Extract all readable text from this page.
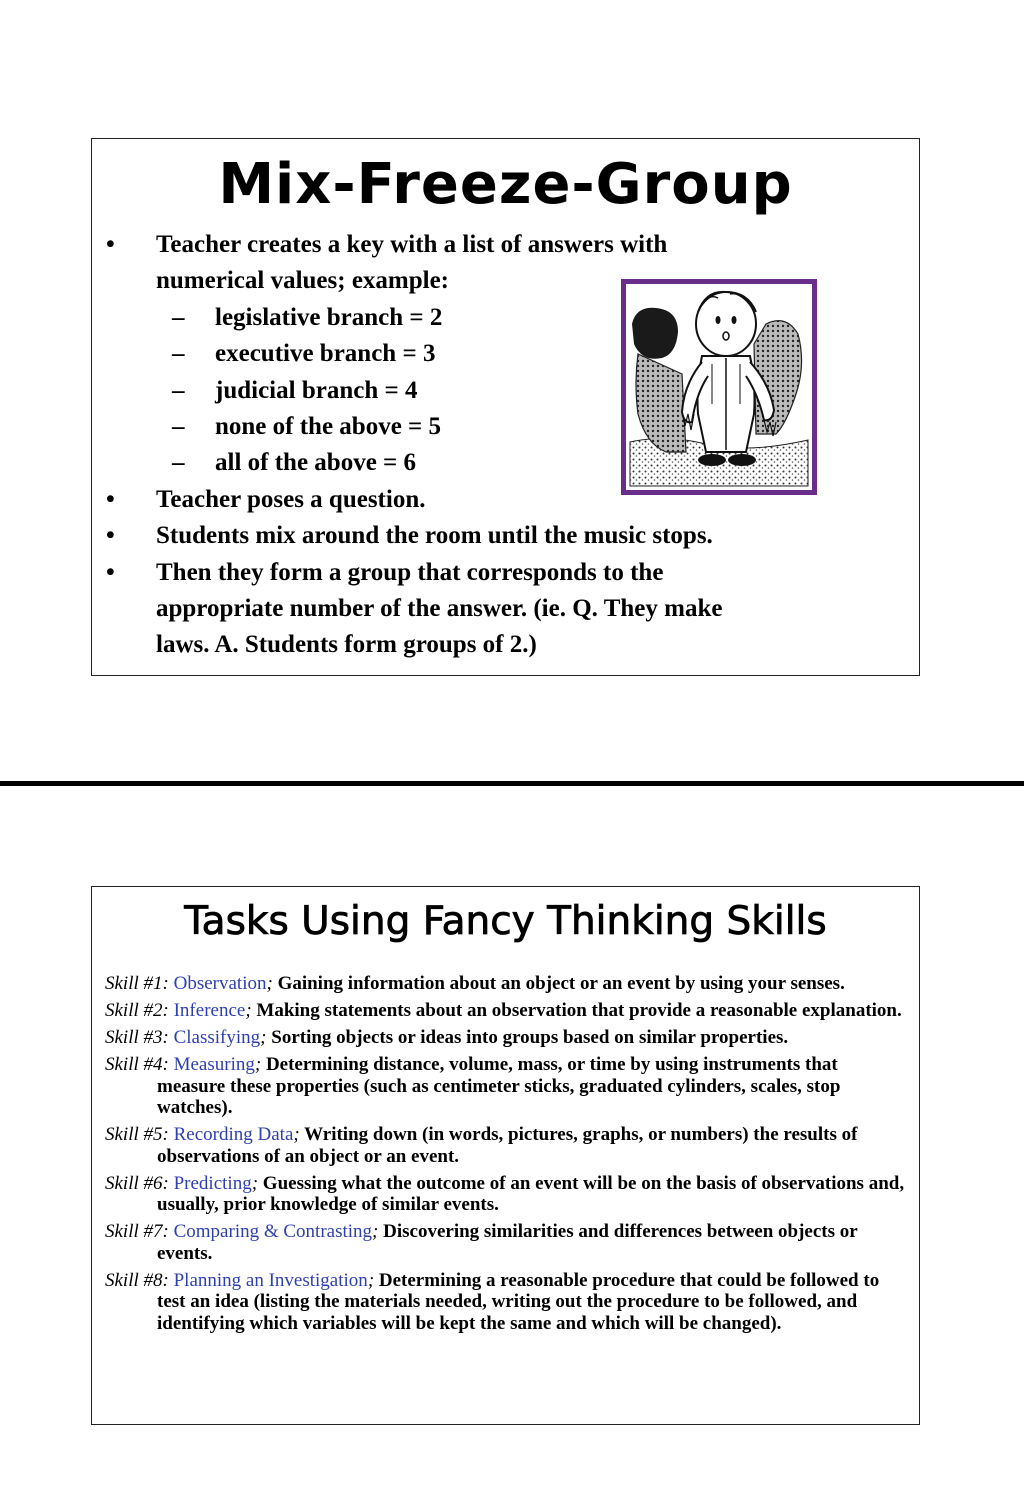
Mix-Freeze-Group
• Teacher creates a key with a list of answers with
numerical values; example:
– legislative branch = 2
– executive branch = 3
– judicial branch = 4
– none of the above = 5
– all of the above = 6
• Teacher poses a question.
• Students mix around the room until the music stops.
• Then they form a group that corresponds to the
appropriate number of the answer. (ie. Q. They make
laws. A. Students form groups of 2.)
Tasks Using Fancy Thinking Skills
Skill #1: Observation; Gaining information about an object or an event by using your senses.
Skill #2: Inference; Making statements about an observation that provide a reasonable explanation.
Skill #3: Classifying; Sorting objects or ideas into groups based on similar properties.
Skill #4: Measuring; Determining distance, volume, mass, or time by using instruments that measure these properties (such as centimeter sticks, graduated cylinders, scales, stop watches).
Skill #5: Recording Data; Writing down (in words, pictures, graphs, or numbers) the results of observations of an object or an event.
Skill #6: Predicting; Guessing what the outcome of an event will be on the basis of observations and, usually, prior knowledge of similar events.
Skill #7: Comparing & Contrasting; Discovering similarities and differences between objects or events.
Skill #8: Planning an Investigation; Determining a reasonable procedure that could be followed to test an idea (listing the materials needed, writing out the procedure to be followed, and identifying which variables will be kept the same and which will be changed).
